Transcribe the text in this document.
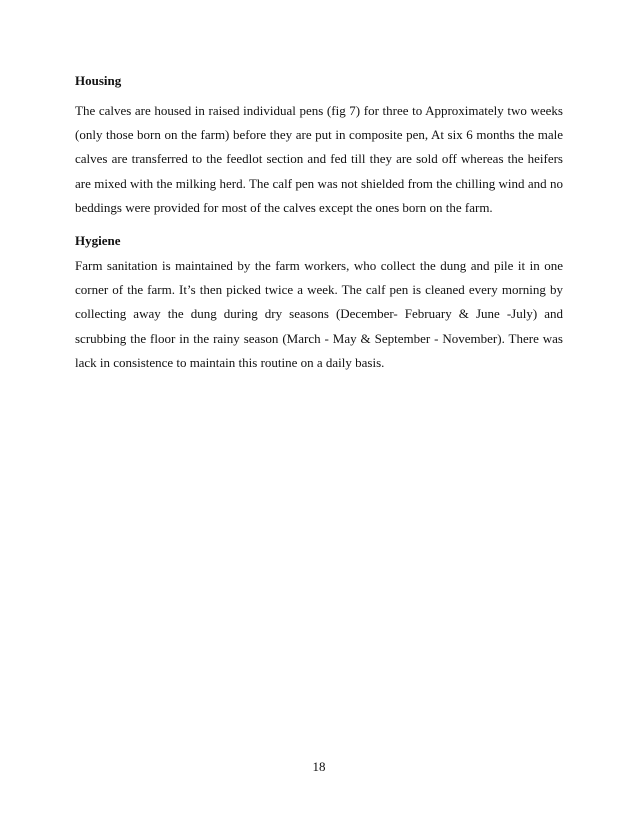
Housing

The calves are housed in raised individual pens (fig 7) for three to Approximately two weeks (only those born on the farm) before they are put in composite pen, At six 6 months the male calves are transferred to the feedlot section and fed till they are sold off whereas the heifers are mixed with the milking herd. The calf pen was not shielded from the chilling wind and no beddings were provided for most of the calves except the ones born on the farm.

Hygiene

Farm sanitation is maintained by the farm workers, who collect the dung and pile it in one corner of the farm. It’s then picked twice a week. The calf pen is cleaned every morning by collecting away the dung during dry seasons (December- February & June -July) and scrubbing the floor in the rainy season (March - May & September - November). There was lack in consistence to maintain this routine on a daily basis.

18
